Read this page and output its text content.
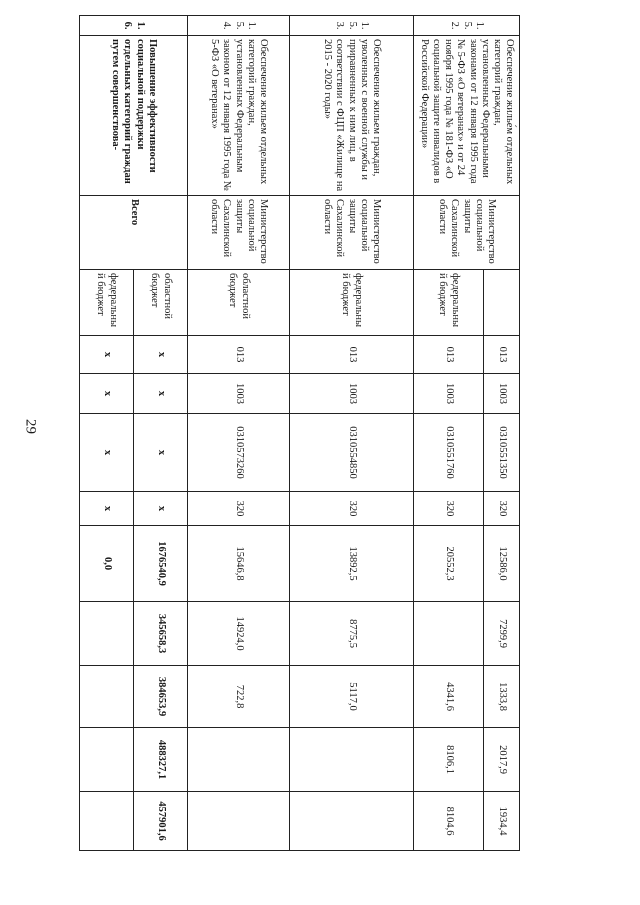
29
1.5.2.	Обеспечение жилье́м отдельных категорий граждан, установленных Федеральными законами от 12 января 1995 года № 5-ФЗ «О ветеранах» и от 24 ноября 1995 года № 181-ФЗ «О социальной защите инвалидов в Российской Федерации»	Министерство социальной защиты Сахалинской области		013	1003	0310551350	320	12586,0	7299,9	1333,8	2017,9	1934,4
			федеральный бюджет	013	1003	0310551760	320	20552,3		4341,6	8106,1	8104,6
1.5.3.	Обеспечение жильем граждан, уволенных с военной службы и приравненных к ним лиц, в соответствии с ФЦП «Жилище на 2015 - 2020 годы»	Министерство социальной защиты Сахалинской области	федеральный бюджет	013	1003	0310554850	320	13892,5	8775,5	5117,0		
1.5.4.	Обеспечение жильем отдельных категорий граждан, установленных Федеральным законом от 12 января 1995 года № 5-ФЗ «О ветеранах»	Министерство социальной защиты Сахалинской области	областной бюджет	013	1003	0310573260	320	15646,8	14924,0	722,8		
1.6.	Повышение эффективности социальной поддержки отдельных категорий граждан путем совершенствова-	Всего	областной бюджет	х	х	х	х	1676540,9	345658,3	384653,9	488327,1	457901,6
			федеральный бюджет	х	х	х	х	0,0				
